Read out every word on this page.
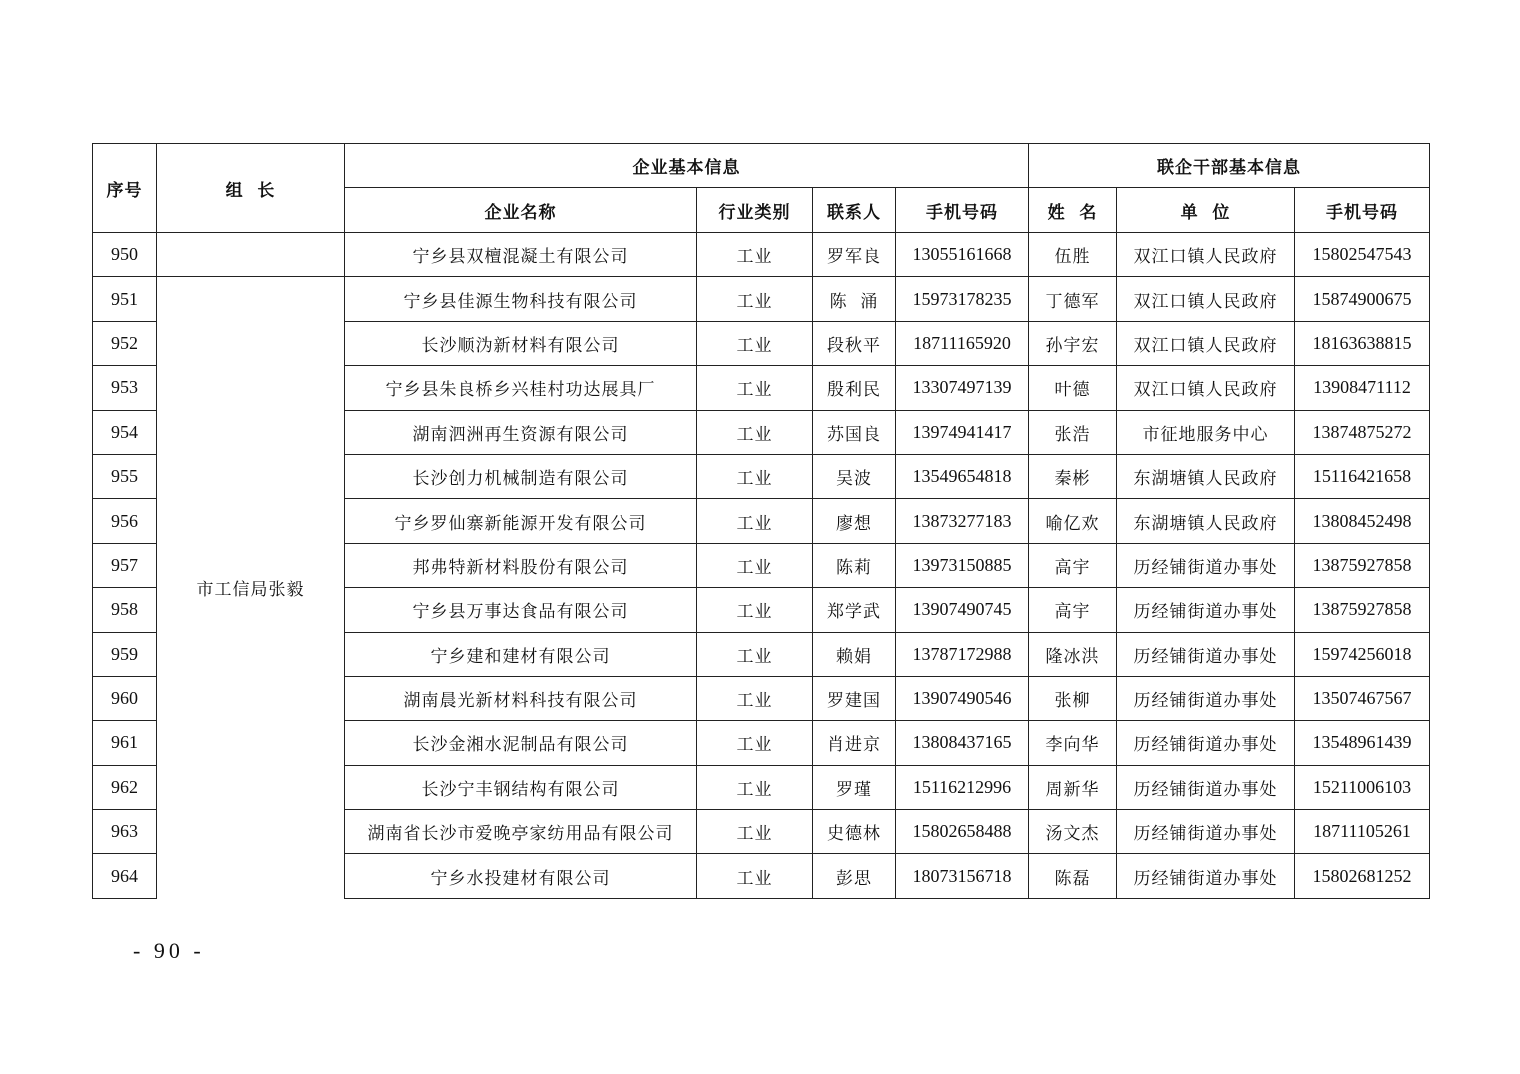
序号	组  长	企业基本信息				联企干部基本信息		
		企业名称	行业类别	联系人	手机号码	姓  名	单  位	手机号码
950		宁乡县双檀混凝土有限公司	工业	罗军良	13055161668	伍胜	双江口镇人民政府	15802547543
951	市工信局张毅	宁乡县佳源生物科技有限公司	工业	陈  涌	15973178235	丁德军	双江口镇人民政府	15874900675
952		长沙顺沩新材料有限公司	工业	段秋平	18711165920	孙宇宏	双江口镇人民政府	18163638815
953		宁乡县朱良桥乡兴桂村功达展具厂	工业	殷利民	13307497139	叶德	双江口镇人民政府	13908471112
954		湖南泗洲再生资源有限公司	工业	苏国良	13974941417	张浩	市征地服务中心	13874875272
955		长沙创力机械制造有限公司	工业	吴波	13549654818	秦彬	东湖塘镇人民政府	15116421658
956		宁乡罗仙寨新能源开发有限公司	工业	廖想	13873277183	喻亿欢	东湖塘镇人民政府	13808452498
957		邦弗特新材料股份有限公司	工业	陈莉	13973150885	高宇	历经铺街道办事处	13875927858
958		宁乡县万事达食品有限公司	工业	郑学武	13907490745	高宇	历经铺街道办事处	13875927858
959		宁乡建和建材有限公司	工业	赖娟	13787172988	隆冰洪	历经铺街道办事处	15974256018
960		湖南晨光新材料科技有限公司	工业	罗建国	13907490546	张柳	历经铺街道办事处	13507467567
961		长沙金湘水泥制品有限公司	工业	肖进京	13808437165	李向华	历经铺街道办事处	13548961439
962		长沙宁丰钢结构有限公司	工业	罗瑾	15116212996	周新华	历经铺街道办事处	15211006103
963		湖南省长沙市爱晚亭家纺用品有限公司	工业	史德林	15802658488	汤文杰	历经铺街道办事处	18711105261
964		宁乡水投建材有限公司	工业	彭思	18073156718	陈磊	历经铺街道办事处	15802681252
- 90 -
